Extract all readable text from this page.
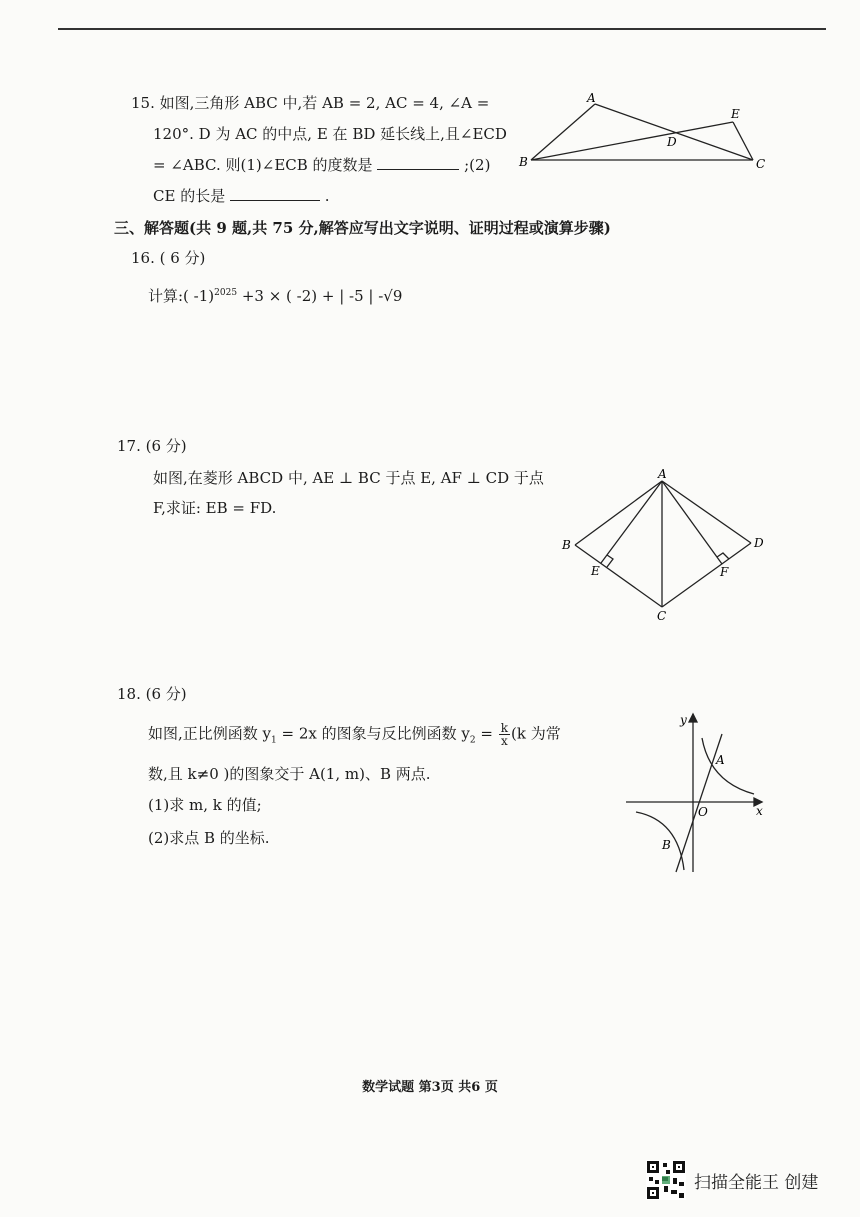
15. 如图,三角形 ABC 中,若 AB = 2, AC = 4, ∠A =
120°. D 为 AC 的中点, E 在 BD 延长线上,且∠ECD
= ∠ABC. 则(1)∠ECB 的度数是	;(2)
CE 的长是	.
A
B	C
D
E
三、解答题(共 9 题,共 75 分,解答应写出文字说明、证明过程或演算步骤)
16. ( 6 分)
计算:( -1)$^{2025}$ +3 × ( -2) + | -5 | -√9
17. (6 分)
如图,在菱形 ABCD 中, AE ⊥ BC 于点 E, AF ⊥ CD 于点
F,求证: EB = FD.
A
B
C
D
E	F
18. (6 分)
如图,正比例函数 $y_1 = 2x$ 的图象与反比例函数 $y_2 = \frac{k}{x} (k$ 为常
数,且 k≠0 )的图象交于 A(1, m)、B 两点.
(1)求 m, k 的值;
(2)求点 B 的坐标.
y
x
O
A
B
数学试题 第3页 共6 页
扫描全能王 创建
